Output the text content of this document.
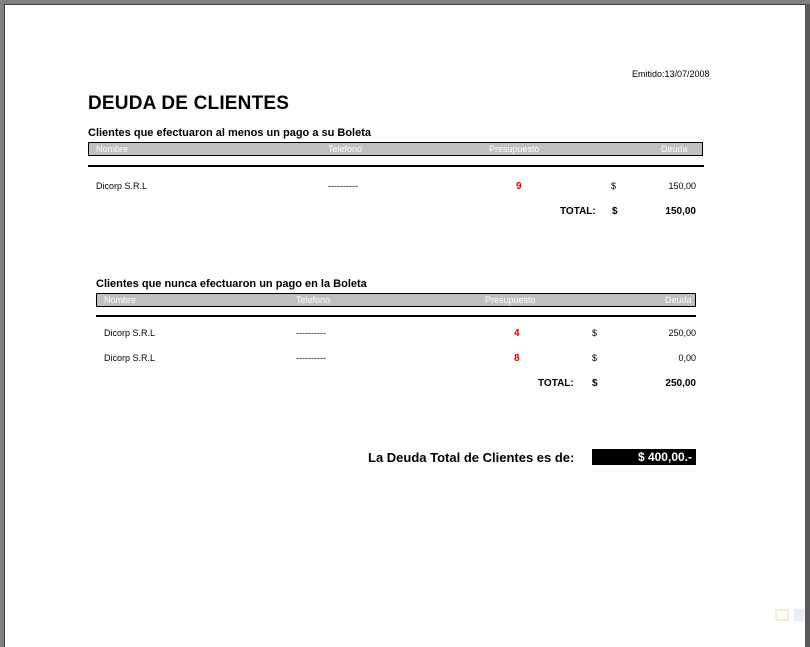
Emitido:13/07/2008
DEUDA DE CLIENTES
Clientes que efectuaron al menos un pago a su Boleta
Nombre	Telefono	Presupuesto	Deuda
Dicorp S.R.L	----------	9	$	150,00
TOTAL: $	150,00
Clientes que nunca efectuaron un pago en la Boleta
Nombre	Telefono	Presupuesto	Deuda
Dicorp S.R.L	----------	4	$	250,00
Dicorp S.R.L	----------	8	$	0,00
TOTAL: $	250,00
La Deuda Total de Clientes es de:	$ 400,00.-
